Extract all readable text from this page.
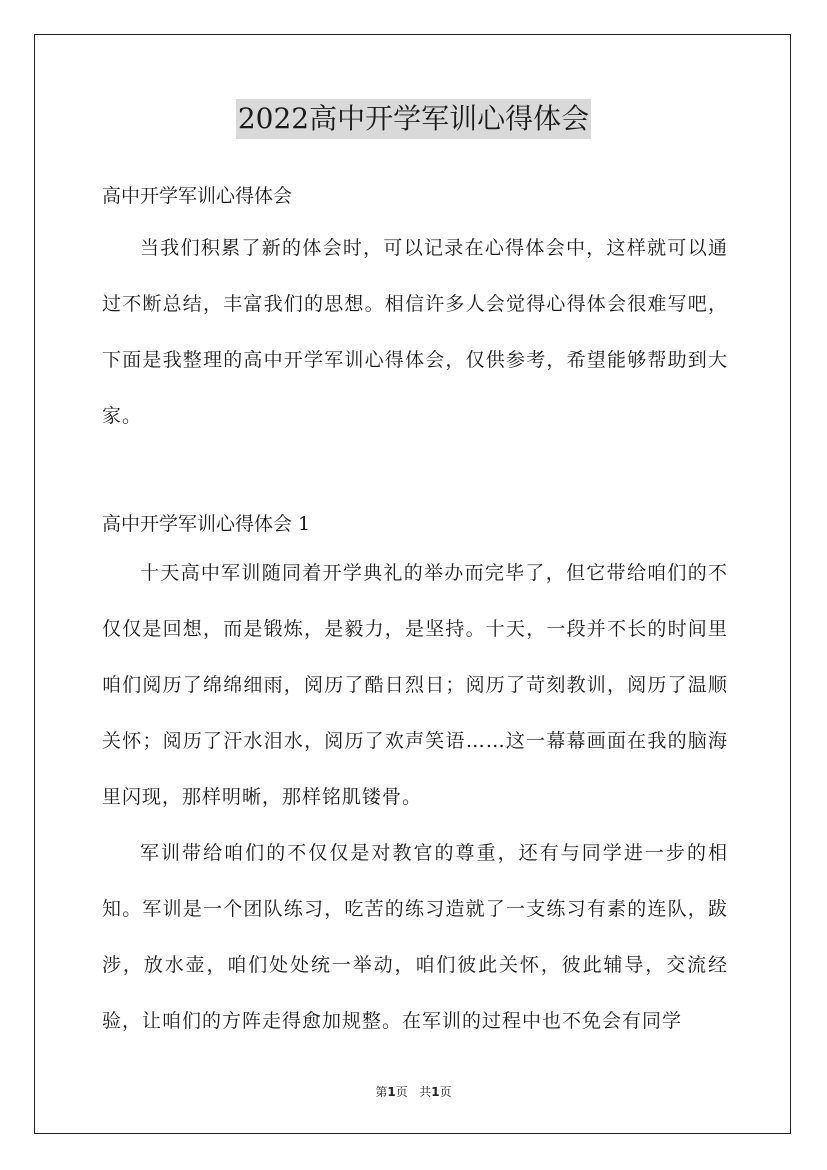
2022高中开学军训心得体会
高中开学军训心得体会

当我们积累了新的体会时，可以记录在心得体会中，这样就可以通过不断总结，丰富我们的思想。相信许多人会觉得心得体会很难写吧，下面是我整理的高中开学军训心得体会，仅供参考，希望能够帮助到大家。

高中开学军训心得体会 1

十天高中军训随同着开学典礼的举办而完毕了，但它带给咱们的不仅仅是回想，而是锻炼，是毅力，是坚持。十天，一段并不长的时间里咱们阅历了绵绵细雨，阅历了酷日烈日；阅历了苛刻教训，阅历了温顺关怀；阅历了汗水泪水，阅历了欢声笑语……这一幕幕画面在我的脑海里闪现，那样明晰，那样铭肌镂骨。

军训带给咱们的不仅仅是对教官的尊重，还有与同学进一步的相知。军训是一个团队练习，吃苦的练习造就了一支练习有素的连队，跋涉，放水壶，咱们处处统一举动，咱们彼此关怀，彼此辅导，交流经验，让咱们的方阵走得愈加规整。在军训的过程中也不免会有同学

第1页 共1页
